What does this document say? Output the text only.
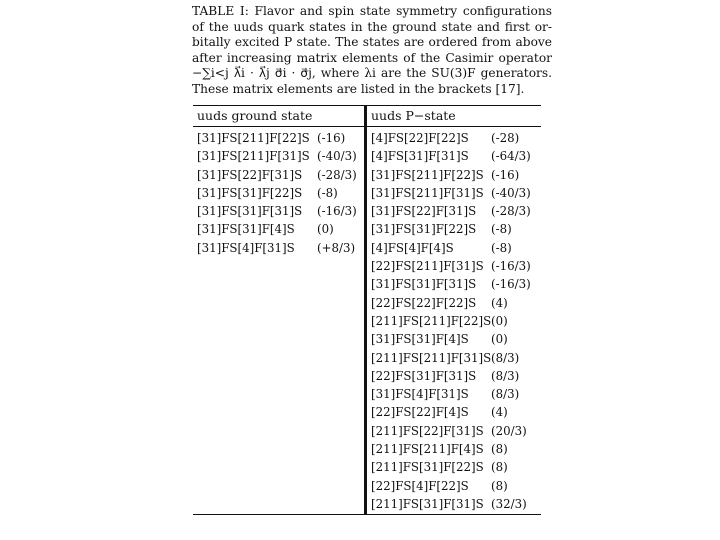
TABLE I: Flavor and spin state symmetry configurations
of the uuds quark states in the ground state and first or-
bitally excited P state. The states are ordered from above
after increasing matrix elements of the Casimir operator
−∑i<j λ⃗i · λ⃗j σ⃗i · σ⃗j, where λi are the SU(3)F generators.
These matrix elements are listed in the brackets [17].
uuds ground state	uuds P−state
[31]FS[211]F[22]S (-16)
[31]FS[211]F[31]S (-40/3)
[31]FS[22]F[31]S (-28/3)
[31]FS[31]F[22]S (-8)
[31]FS[31]F[31]S (-16/3)
[31]FS[31]F[4]S (0)
[31]FS[4]F[31]S (+8/3)
[4]FS[22]F[22]S (-28)
[4]FS[31]F[31]S (-64/3)
[31]FS[211]F[22]S (-16)
[31]FS[211]F[31]S (-40/3)
[31]FS[22]F[31]S (-28/3)
[31]FS[31]F[22]S (-8)
[4]FS[4]F[4]S	(-8)
[22]FS[211]F[31]S (-16/3)
[31]FS[31]F[31]S (-16/3)
[22]FS[22]F[22]S (4)
[211]FS[211]F[22]S (0)
[31]FS[31]F[4]S (0)
[211]FS[211]F[31]S (8/3)
[22]FS[31]F[31]S (8/3)
[31]FS[4]F[31]S (8/3)
[22]FS[22]F[4]S (4)
[211]FS[22]F[31]S (20/3)
[211]FS[211]F[4]S (8)
[211]FS[31]F[22]S (8)
[22]FS[4]F[22]S (8)
[211]FS[31]F[31]S (32/3)
